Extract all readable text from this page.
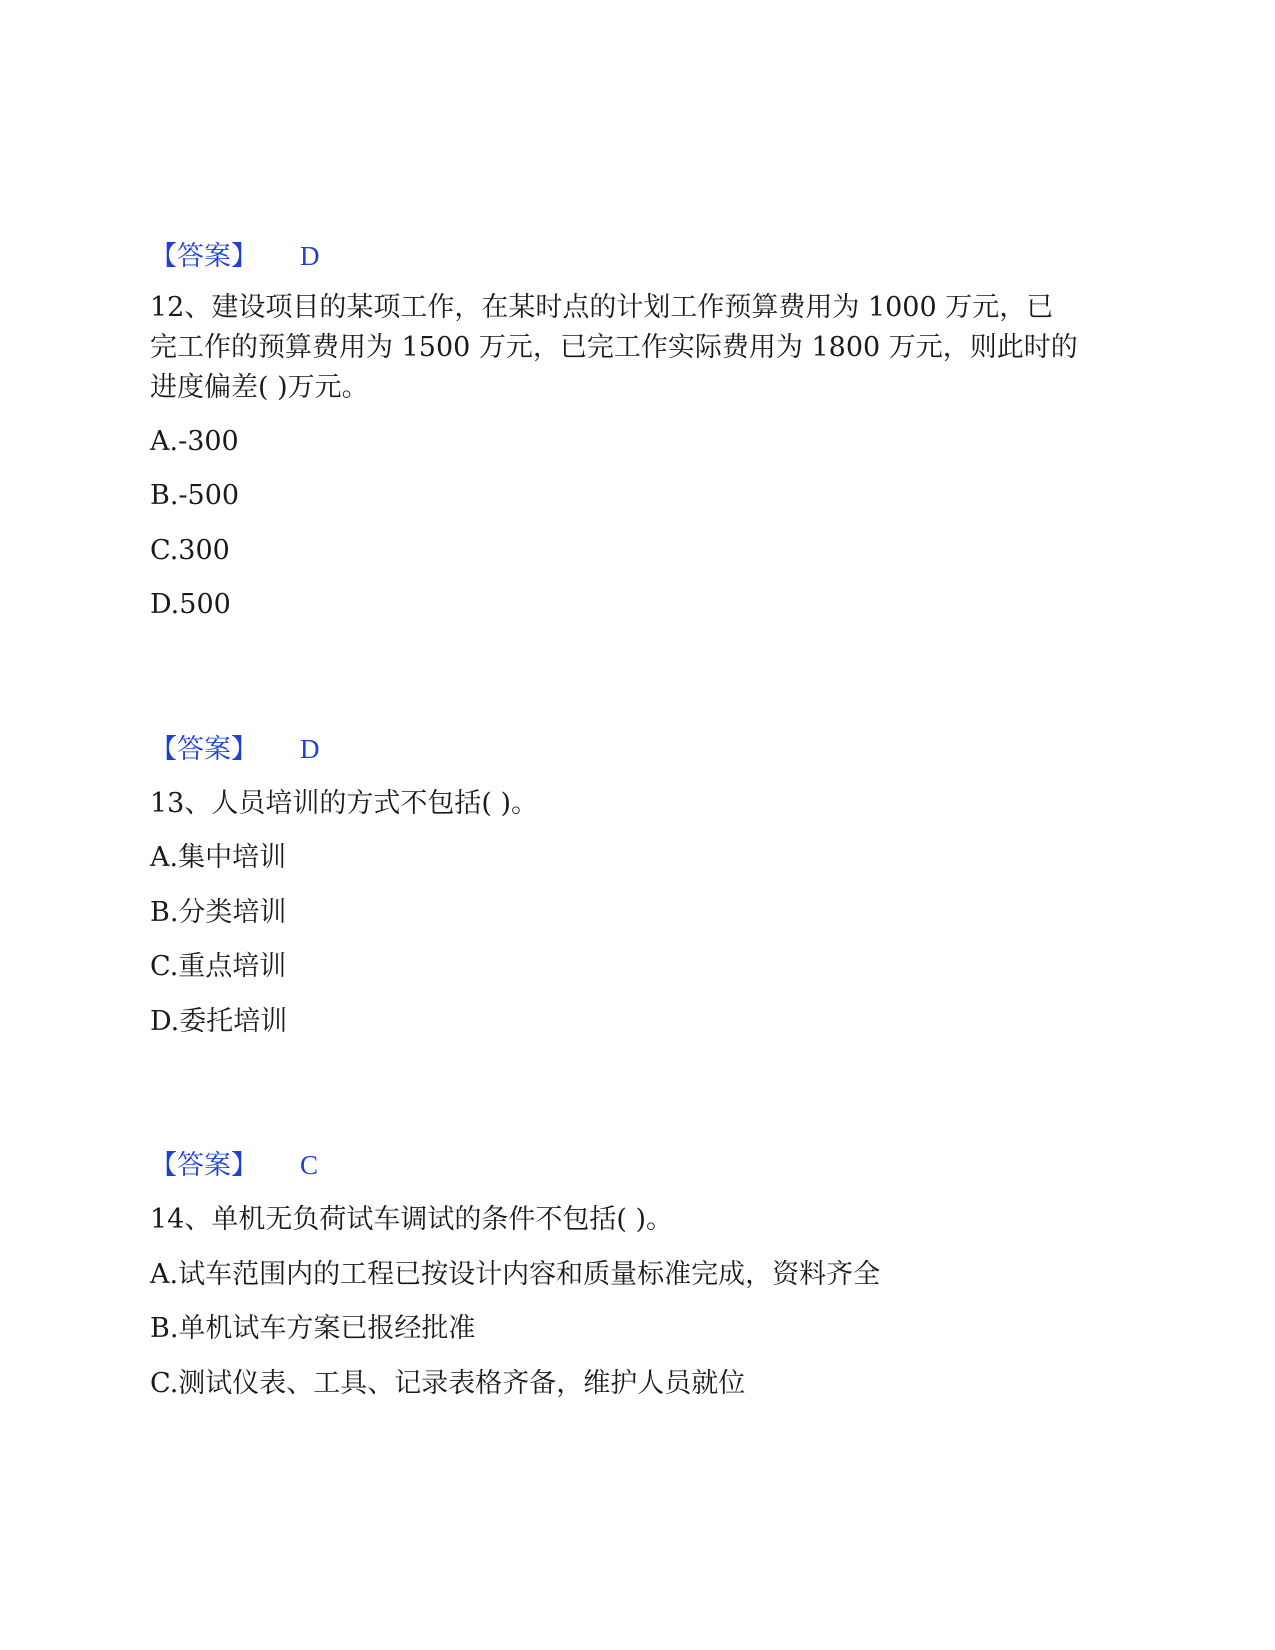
【答案】 D
12、建设项目的某项工作，在某时点的计划工作预算费用为 1000 万元，已
完工作的预算费用为 1500 万元，已完工作实际费用为 1800 万元，则此时的
进度偏差( )万元。
A.-300
B.-500
C.300
D.500
【答案】 D
13、人员培训的方式不包括( )。
A.集中培训
B.分类培训
C.重点培训
D.委托培训
【答案】 C
14、单机无负荷试车调试的条件不包括( )。
A.试车范围内的工程已按设计内容和质量标准完成，资料齐全
B.单机试车方案已报经批准
C.测试仪表、工具、记录表格齐备，维护人员就位
